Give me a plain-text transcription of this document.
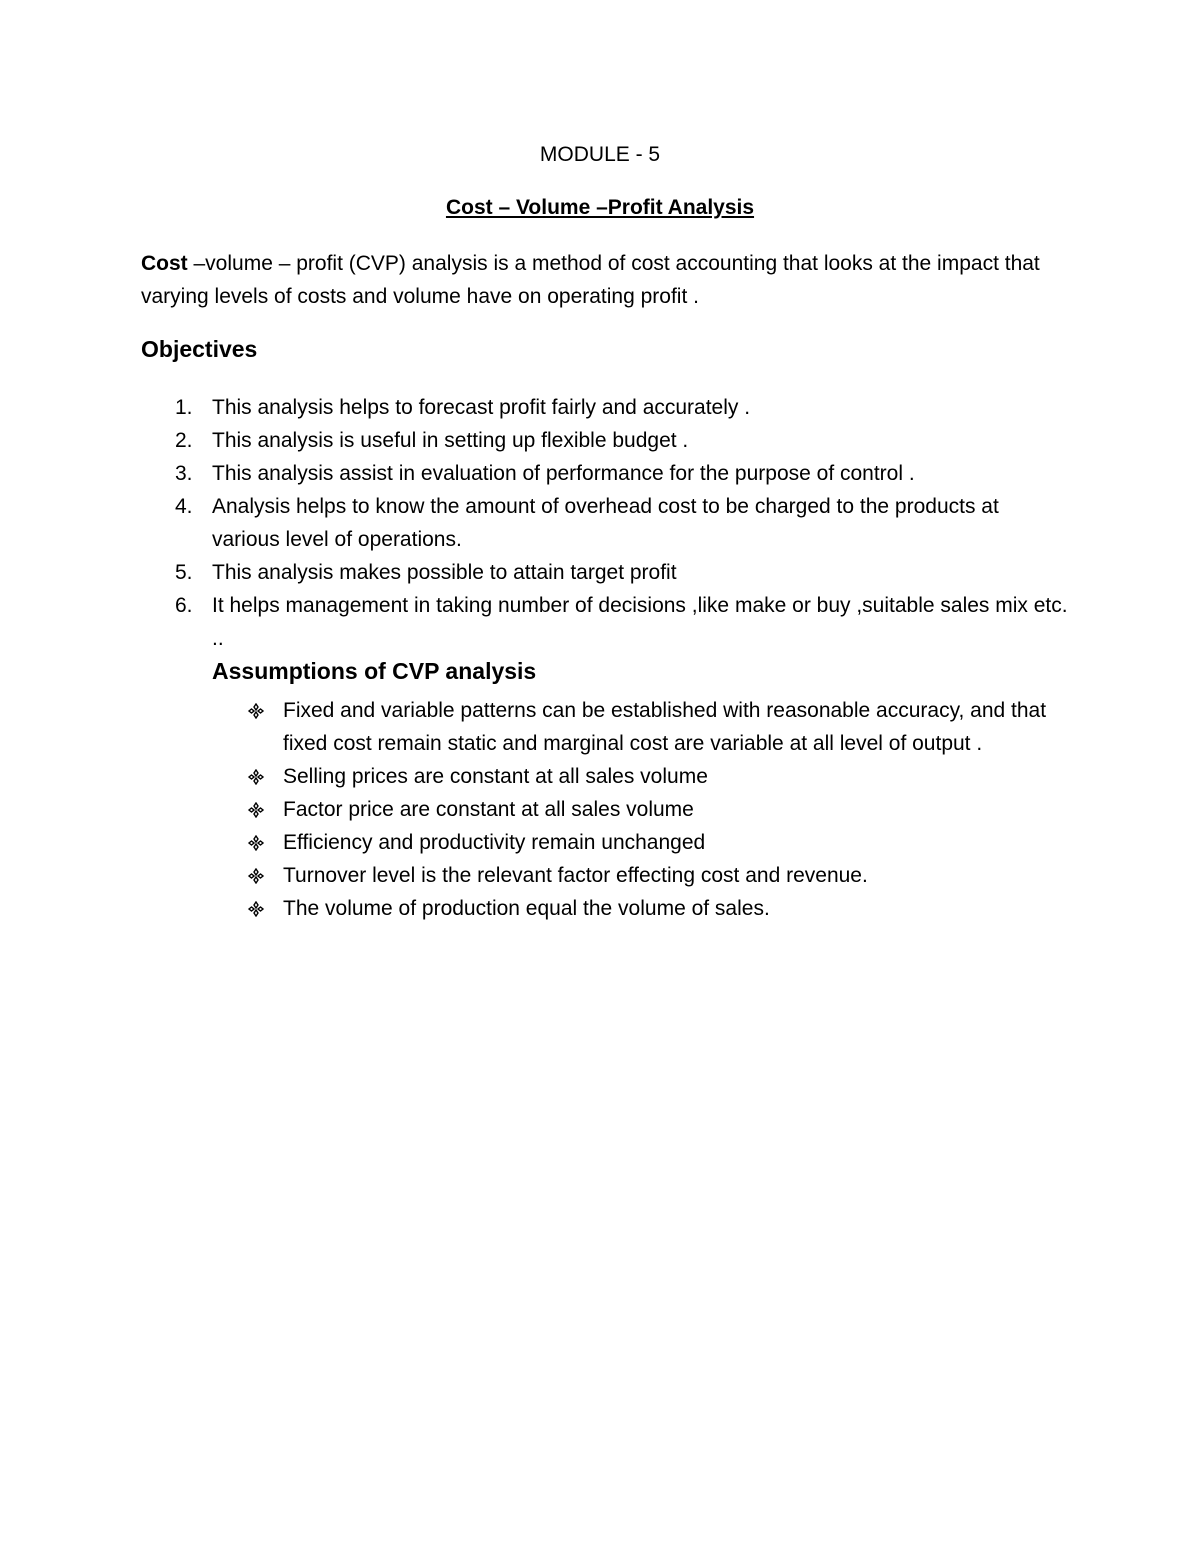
MODULE - 5
Cost – Volume –Profit Analysis
Cost –volume – profit (CVP) analysis is a method of cost accounting that looks at the impact that varying levels of costs and volume have on operating profit .
Objectives
1. This analysis helps to forecast profit fairly and accurately .
2. This analysis is useful in setting up flexible budget .
3. This analysis assist in evaluation of performance for the purpose of control .
4. Analysis helps to know the amount of overhead cost to be charged to the products at various level of operations.
5. This analysis makes possible to attain target profit
6. It helps management in taking number of decisions ,like make or buy ,suitable sales mix etc. ..
Assumptions of CVP analysis
Fixed and variable patterns can be established with reasonable accuracy, and that fixed cost remain static and marginal cost are variable at all level of output .
Selling prices are constant at all sales volume
Factor price are constant at all sales volume
Efficiency and productivity remain unchanged
Turnover level is the relevant factor effecting cost and revenue.
The volume of production equal the volume of sales.
